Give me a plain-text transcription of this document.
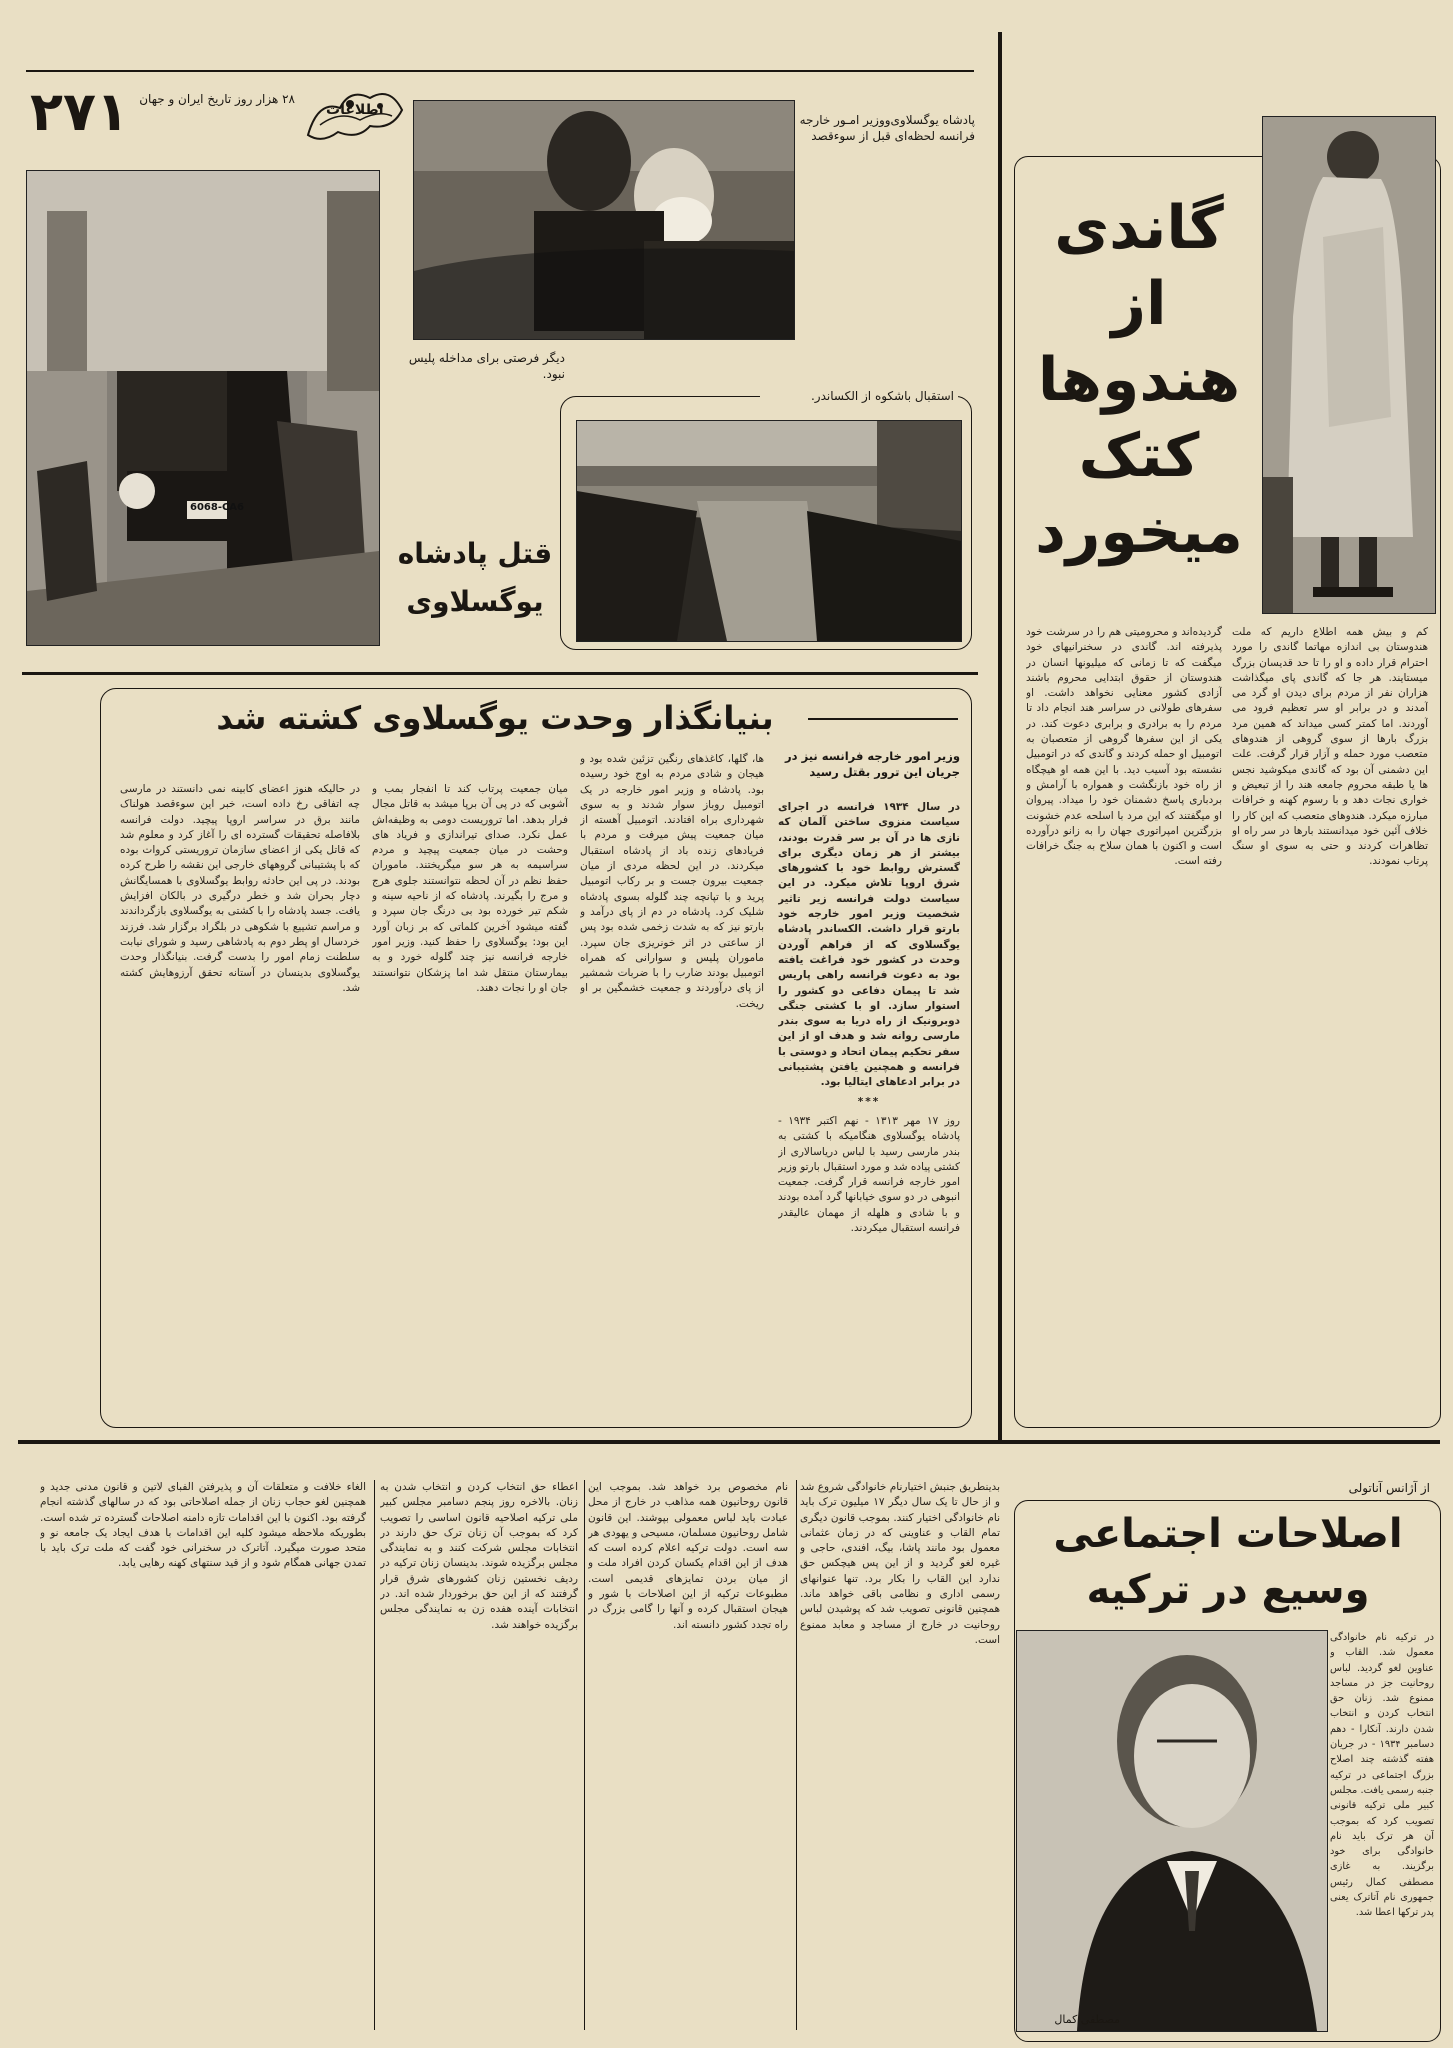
۲۷۱	اطلاعات
۲۸ هزار روز تاریخ ایران و جهان
پادشاه یوگسلاوی‌و‌وزیر امـور خارجه فرانسه لحظه‌ای قبل از سوءقصد
6068-CA6
دیگر فرصتی برای مداخله پلیس نبود.
قتل پادشاه
یوگسلاوی
استقبال باشکوه از الکساندر.
بنیانگذار وحدت یوگسلاوی کشته شد
وزیر امور خارجه فرانسه نیز در جریان این ترور بقتل رسید

در سال ۱۹۳۴ فرانسه در اجرای سیاست منزوی ساختن آلمان که نازی ها در آن بر سر قدرت بودند، بیشتر از هر زمان دیگری برای گسترش روابط خود با کشورهای شرق اروپا تلاش میکرد. در این سیاست دولت فرانسه زیر تاثیر شخصیت وزیر امور خارجه خود بارتو قرار داشت. الکساندر پادشاه یوگسلاوی که از فراهم آوردن وحدت در کشور خود فراغت یافته بود به دعوت فرانسه راهی پاریس شد تا پیمان دفاعی دو کشور را استوار سازد. او با کشتی جنگی دوبرونیک از راه دریا به سوی بندر مارسی روانه شد و هدف او از این سفر تحکیم پیمان اتحاد و دوستی با فرانسه و همچنین یافتن پشتیبانی در برابر ادعاهای ایتالیا بود.

***

روز ۱۷ مهر ۱۳۱۳ - نهم اکتبر ۱۹۳۴ - پادشاه یوگسلاوی هنگامیکه با کشتی به بندر مارسی رسید با لباس دریاسالاری از کشتی پیاده شد و مورد استقبال بارتو وزیر امور خارجه فرانسه قرار گرفت. جمعیت انبوهی در دو سوی خیابانها گرد آمده بودند و با شادی و هلهله از مهمان عالیقدر فرانسه استقبال میکردند.

ها، گلها، کاغذهای رنگین تزئین شده بود و هیجان و شادی مردم به اوج خود رسیده بود. پادشاه و وزیر امور خارجه در یک اتومبیل روباز سوار شدند و به سوی شهرداری براه افتادند. اتومبیل آهسته از میان جمعیت پیش میرفت و مردم با فریادهای زنده باد از پادشاه استقبال میکردند. در این لحظه مردی از میان جمعیت بیرون جست و بر رکاب اتومبیل پرید و با تپانچه چند گلوله بسوی پادشاه شلیک کرد. پادشاه در دم از پای درآمد و بارتو نیز که به شدت زخمی شده بود پس از ساعتی در اثر خونریزی جان سپرد. ماموران پلیس و سوارانی که همراه اتومبیل بودند ضارب را با ضربات شمشیر از پای درآوردند و جمعیت خشمگین بر او ریخت.

میان جمعیت پرتاب کند تا انفجار بمب و آشوبی که در پی آن برپا میشد به قاتل مجال فرار بدهد. اما تروریست دومی به وظیفه‌اش عمل نکرد. صدای تیراندازی و فریاد های وحشت در میان جمعیت پیچید و مردم سراسیمه به هر سو میگریختند. ماموران حفظ نظم در آن لحظه نتوانستند جلوی هرج و مرج را بگیرند. پادشاه که از ناحیه سینه و شکم تیر خورده بود بی درنگ جان سپرد و گفته میشود آخرین کلماتی که بر زبان آورد این بود: یوگسلاوی را حفظ کنید. وزیر امور خارجه فرانسه نیز چند گلوله خورد و به بیمارستان منتقل شد اما پزشکان نتوانستند جان او را نجات دهند.

در حالیکه هنوز اعضای کابینه نمی دانستند در مارسی چه اتفاقی رخ داده است، خبر این سوءقصد هولناک مانند برق در سراسر اروپا پیچید. دولت فرانسه بلافاصله تحقیقات گسترده ای را آغاز کرد و معلوم شد که قاتل یکی از اعضای سازمان تروریستی کروات بوده که با پشتیبانی گروههای خارجی این نقشه را طرح کرده بودند. در پی این حادثه روابط یوگسلاوی با همسایگانش دچار بحران شد و خطر درگیری در بالکان افزایش یافت. جسد پادشاه را با کشتی به یوگسلاوی بازگرداندند و مراسم تشییع با شکوهی در بلگراد برگزار شد. فرزند خردسال او پطر دوم به پادشاهی رسید و شورای نیابت سلطنت زمام امور را بدست گرفت. بنیانگذار وحدت یوگسلاوی بدینسان در آستانه تحقق آرزوهایش کشته شد.

گاندی
از
هندوها
کتک
میخورد

کم و بیش همه اطلاع داریم که ملت هندوستان بی اندازه مهاتما گاندی را مورد احترام قرار داده و او را تا حد قدیسان بزرگ میستایند. هر جا که گاندی پای میگذاشت هزاران نفر از مردم برای دیدن او گرد می آمدند و در برابر او سر تعظیم فرود می آوردند. اما کمتر کسی میداند که همین مرد بزرگ بارها از سوی گروهی از هندوهای متعصب مورد حمله و آزار قرار گرفت. علت این دشمنی آن بود که گاندی میکوشید نجس ها یا طبقه محروم جامعه هند را از تبعیض و خواری نجات دهد و با رسوم کهنه و خرافات مبارزه میکرد. هندوهای متعصب که این کار را خلاف آئین خود میدانستند بارها در سر راه او تظاهرات کردند و حتی به سوی او سنگ پرتاب نمودند.

گردیده‌اند و محرومیتی هم را در سرشت خود پذیرفته اند. گاندی در سخنرانیهای خود میگفت که تا زمانی که میلیونها انسان در هندوستان از حقوق ابتدایی محروم باشند آزادی کشور معنایی نخواهد داشت. او سفرهای طولانی در سراسر هند انجام داد تا مردم را به برادری و برابری دعوت کند. در یکی از این سفرها گروهی از متعصبان به اتومبیل او حمله کردند و گاندی که در اتومبیل نشسته بود آسیب دید. با این همه او هیچگاه از راه خود بازنگشت و همواره با آرامش و بردباری پاسخ دشمنان خود را میداد. پیروان او میگفتند که این مرد با اسلحه عدم خشونت بزرگترین امپراتوری جهان را به زانو درآورده است و اکنون با همان سلاح به جنگ خرافات رفته است.

از آژانس آناتولی
اصلاحات اجتماعی
وسیع در ترکیه
مصطفی کمال

در ترکیه نام خانوادگی معمول شد. القاب و عناوین لغو گردید. لباس روحانیت جز در مساجد ممنوع شد. زنان حق انتخاب کردن و انتخاب شدن دارند. آنکارا - دهم دسامبر ۱۹۳۴ - در جریان هفته گذشته چند اصلاح بزرگ اجتماعی در ترکیه جنبه رسمی یافت. مجلس کبیر ملی ترکیه قانونی تصویب کرد که بموجب آن هر ترک باید نام خانوادگی برای خود برگزیند. به غازی مصطفی کمال رئیس جمهوری نام آتاترک یعنی پدر ترکها اعطا شد.

بدینطریق جنبش اختیارنام خانوادگی شروع شد و از حال تا یک سال دیگر ۱۷ میلیون ترک باید نام خانوادگی اختیار کنند. بموجب قانون دیگری تمام القاب و عناوینی که در زمان عثمانی معمول بود مانند پاشا، بیگ، افندی، حاجی و غیره لغو گردید و از این پس هیچکس حق ندارد این القاب را بکار برد. تنها عنوانهای رسمی اداری و نظامی باقی خواهد ماند. همچنین قانونی تصویب شد که پوشیدن لباس روحانیت در خارج از مساجد و معابد ممنوع است.

نام مخصوص برد خواهد شد. بموجب این قانون روحانیون همه مذاهب در خارج از محل عبادت باید لباس معمولی بپوشند. این قانون شامل روحانیون مسلمان، مسیحی و یهودی هر سه است. دولت ترکیه اعلام کرده است که هدف از این اقدام یکسان کردن افراد ملت و از میان بردن تمایزهای قدیمی است. مطبوعات ترکیه از این اصلاحات با شور و هیجان استقبال کرده و آنها را گامی بزرگ در راه تجدد کشور دانسته اند.

اعطاء حق انتخاب کردن و انتخاب شدن به زنان. بالاخره روز پنجم دسامبر مجلس کبیر ملی ترکیه اصلاحیه قانون اساسی را تصویب کرد که بموجب آن زنان ترک حق دارند در انتخابات مجلس شرکت کنند و به نمایندگی مجلس برگزیده شوند. بدینسان زنان ترکیه در ردیف نخستین زنان کشورهای شرق قرار گرفتند که از این حق برخوردار شده اند. در انتخابات آینده هفده زن به نمایندگی مجلس برگزیده خواهند شد.

الغاء خلافت و متعلقات آن و پذیرفتن الفبای لاتین و قانون مدنی جدید و همچنین لغو حجاب زنان از جمله اصلاحاتی بود که در سالهای گذشته انجام گرفته بود. اکنون با این اقدامات تازه دامنه اصلاحات گسترده تر شده است. بطوریکه ملاحظه میشود کلیه این اقدامات با هدف ایجاد یک جامعه نو و متحد صورت میگیرد. آتاترک در سخنرانی خود گفت که ملت ترک باید با تمدن جهانی همگام شود و از قید سنتهای کهنه رهایی یابد.
